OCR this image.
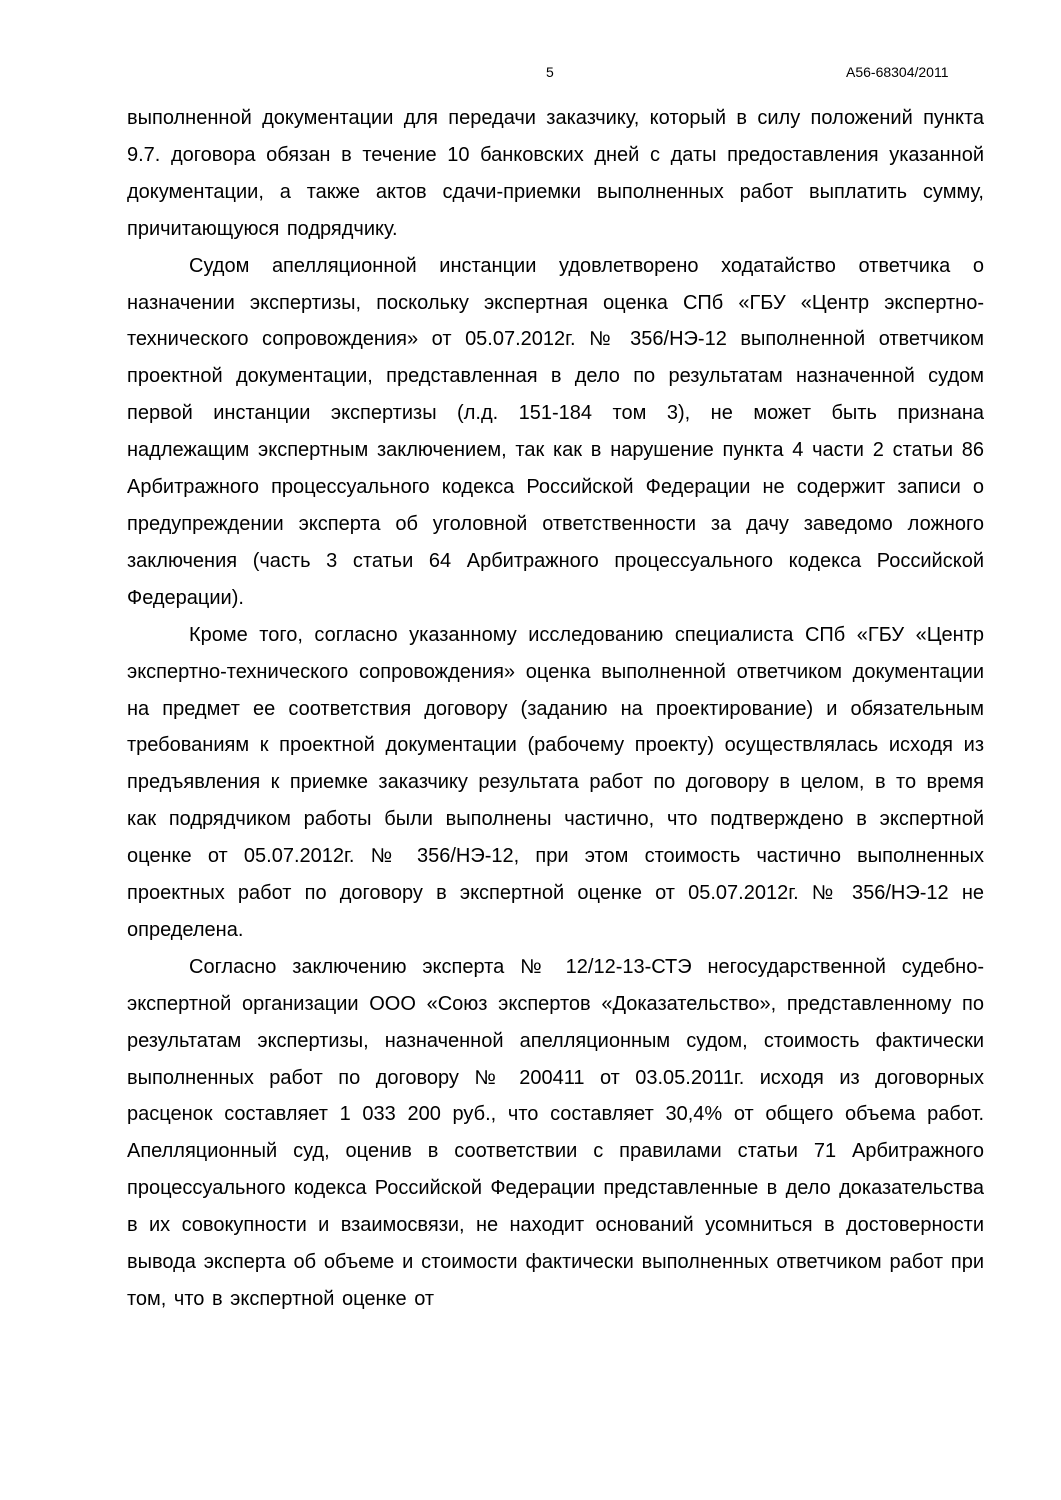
5	А56-68304/2011

выполненной документации для передачи заказчику, который в силу положений пункта 9.7. договора обязан в течение 10 банковских дней с даты предоставления указанной документации, а также актов сдачи-приемки выполненных работ выплатить сумму, причитающуюся подрядчику.

Судом апелляционной инстанции удовлетворено ходатайство ответчика о назначении экспертизы, поскольку экспертная оценка СПб «ГБУ «Центр экспертно-технического сопровождения» от 05.07.2012г. № 356/НЭ-12 выполненной ответчиком проектной документации, представленная в дело по результатам назначенной судом первой инстанции экспертизы (л.д. 151-184 том 3), не может быть признана надлежащим экспертным заключением, так как в нарушение пункта 4 части 2 статьи 86 Арбитражного процессуального кодекса Российской Федерации не содержит записи о предупреждении эксперта об уголовной ответственности за дачу заведомо ложного заключения (часть 3 статьи 64 Арбитражного процессуального кодекса Российской Федерации).

Кроме того, согласно указанному исследованию специалиста СПб «ГБУ «Центр экспертно-технического сопровождения» оценка выполненной ответчиком документации на предмет ее соответствия договору (заданию на проектирование) и обязательным требованиям к проектной документации (рабочему проекту) осуществлялась исходя из предъявления к приемке заказчику результата работ по договору в целом, в то время как подрядчиком работы были выполнены частично, что подтверждено в экспертной оценке от 05.07.2012г. № 356/НЭ-12, при этом стоимость частично выполненных проектных работ по договору в экспертной оценке от 05.07.2012г. № 356/НЭ-12 не определена.

Согласно заключению эксперта № 12/12-13-СТЭ негосударственной судебно-экспертной организации ООО «Союз экспертов «Доказательство», представленному по результатам экспертизы, назначенной апелляционным судом, стоимость фактически выполненных работ по договору № 200411 от 03.05.2011г. исходя из договорных расценок составляет 1 033 200 руб., что составляет 30,4% от общего объема работ. Апелляционный суд, оценив в соответствии с правилами статьи 71 Арбитражного процессуального кодекса Российской Федерации представленные в дело доказательства в их совокупности и взаимосвязи, не находит оснований усомниться в достоверности вывода эксперта об объеме и стоимости фактически выполненных ответчиком работ при том, что в экспертной оценке от
